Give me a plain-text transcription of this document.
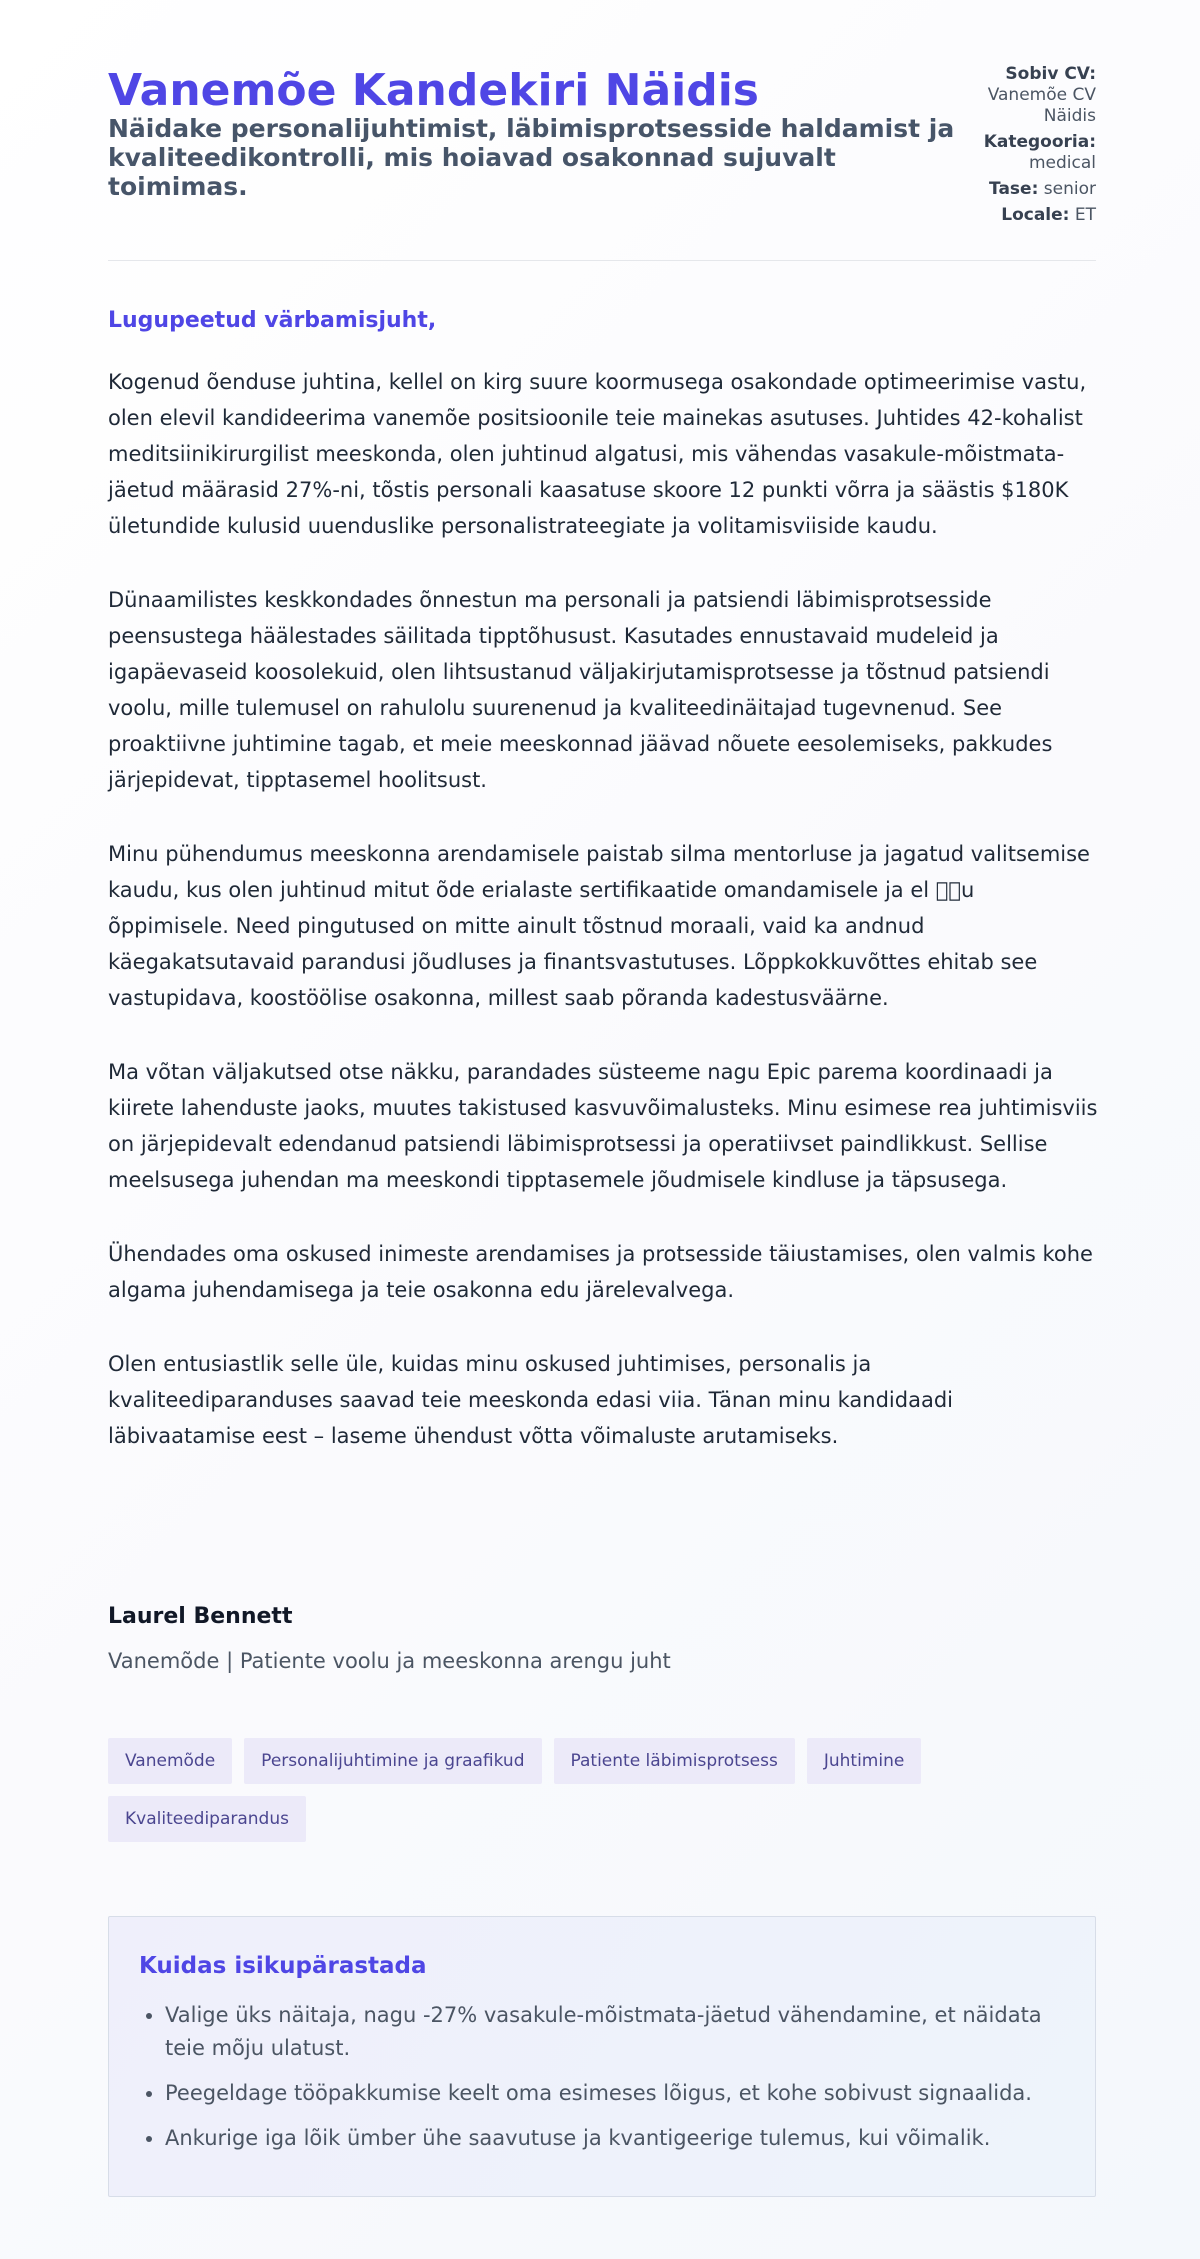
Vanemõe Kandekiri Näidis
Näidake personalijuhtimist, läbimisprotsesside haldamist ja kvaliteedikontrolli, mis hoiavad osakonnad sujuvalt toimimas.
Sobiv CV: Vanemõe CV Näidis
Kategooria: medical
Tase: senior
Locale: ET

Lugupeetud värbamisjuht,

Kogenud õenduse juhtina, kellel on kirg suure koormusega osakondade optimeerimise vastu, olen elevil kandideerima vanemõe positsioonile teie mainekas asutuses. Juhtides 42-kohalist meditsiinikirurgilist meeskonda, olen juhtinud algatusi, mis vähendas vasakule-mõistmata-jäetud määrasid 27%-ni, tõstis personali kaasatuse skoore 12 punkti võrra ja säästis $180K ületundide kulusid uuenduslike personalistrateegiate ja volitamisviiside kaudu.

Dünaamilistes keskkondades õnnestun ma personali ja patsiendi läbimisprotsesside peensustega häälestades säilitada tipptõhusust. Kasutades ennustavaid mudeleid ja igapäevaseid koosolekuid, olen lihtsustanud väljakirjutamisprotsesse ja tõstnud patsiendi voolu, mille tulemusel on rahulolu suurenenud ja kvaliteedinäitajad tugevnenud. See proaktiivne juhtimine tagab, et meie meeskonnad jäävad nõuete eesolemiseks, pakkudes järjepidevat, tipptasemel hoolitsust.

Minu pühendumus meeskonna arendamisele paistab silma mentorluse ja jagatud valitsemise kaudu, kus olen juhtinud mitut õde erialaste sertifikaatide omandamisele ja el   u õppimisele. Need pingutused on mitte ainult tõstnud moraali, vaid ka andnud käegakatsutavaid parandusi jõudluses ja finantsvastutuses. Lõppkokkuvõttes ehitab see vastupidava, koostöölise osakonna, millest saab põranda kadestusväärne.

Ma võtan väljakutsed otse näkku, parandades süsteeme nagu Epic parema koordinaadi ja kiirete lahenduste jaoks, muutes takistused kasvuvõimalusteks. Minu esimese rea juhtimisviis on järjepidevalt edendanud patsiendi läbimisprotsessi ja operatiivset paindlikkust. Sellise meelsusega juhendan ma meeskondi tipptasemele jõudmisele kindluse ja täpsusega.

Ühendades oma oskused inimeste arendamises ja protsesside täiustamises, olen valmis kohe algama juhendamisega ja teie osakonna edu järelevalvega.

Olen entusiastlik selle üle, kuidas minu oskused juhtimises, personalis ja kvaliteediparanduses saavad teie meeskonda edasi viia. Tänan minu kandidaadi läbivaatamise eest – laseme ühendust võtta võimaluste arutamiseks.

Laurel Bennett

Vanemõde | Patiente voolu ja meeskonna arengu juht

Vanemõde	Personalijuhtimine ja graafikud	Patiente läbimisprotsess	Juhtimine
Kvaliteediparandus
Kuidas isikupärastada
• Valige üks näitaja, nagu -27% vasakule-mõistmata-jäetud vähendamine, et näidata teie mõju ulatust.
• Peegeldage tööpakkumise keelt oma esimeses lõigus, et kohe sobivust signaalida.
• Ankurige iga lõik ümber ühe saavutuse ja kvantigeerige tulemus, kui võimalik.
